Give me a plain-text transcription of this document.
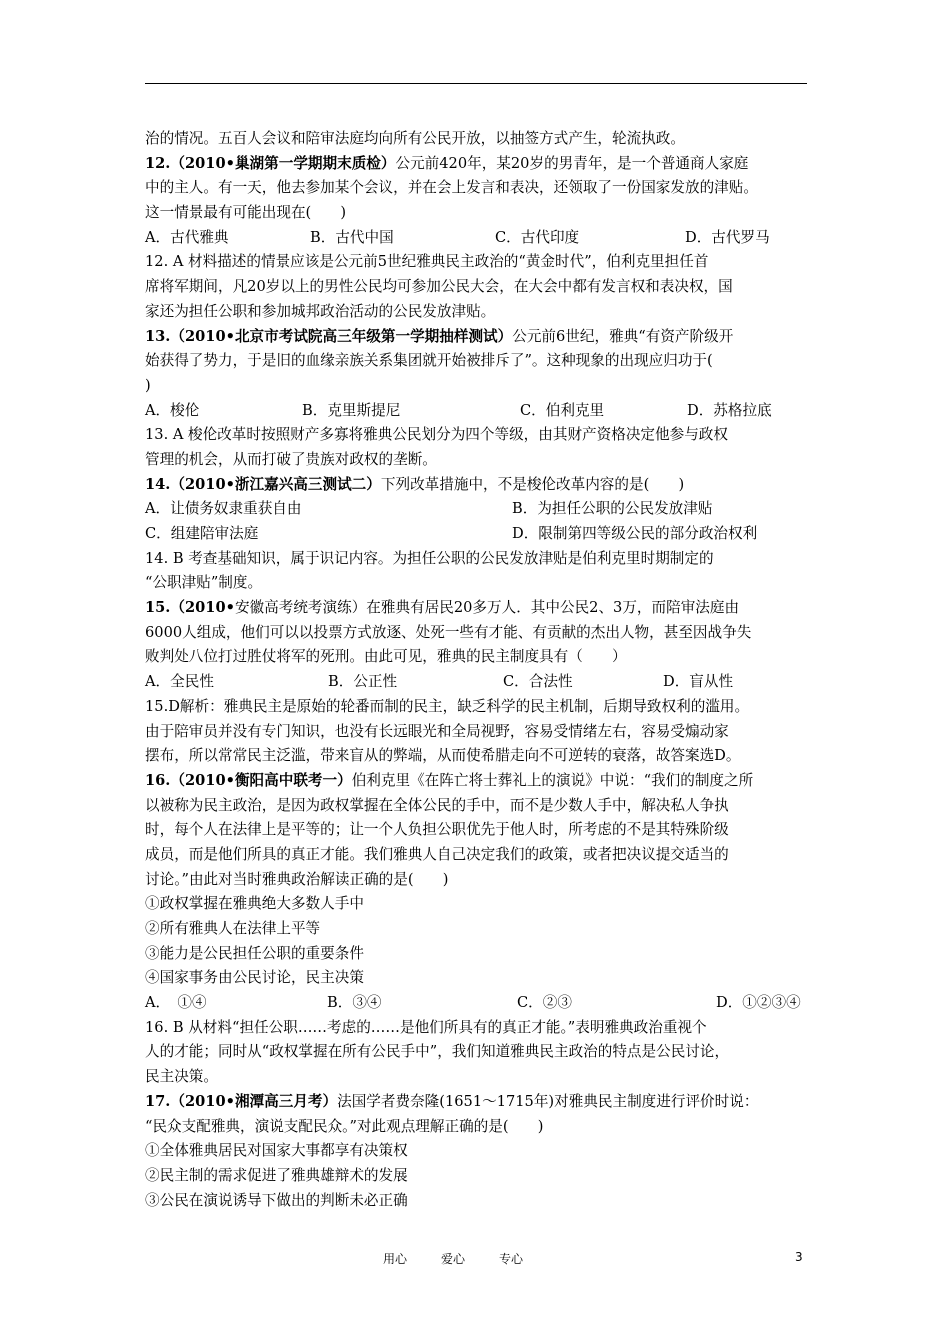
治的情况。五百人会议和陪审法庭均向所有公民开放，以抽签方式产生，轮流执政。
12.（2010•巢湖第一学期期末质检）公元前420年，某20岁的男青年，是一个普通商人家庭
中的主人。有一天，他去参加某个会议，并在会上发言和表决，还领取了一份国家发放的津贴。
这一情景最有可能出现在(　　)
A．古代雅典	B．古代中国	C．古代印度	D．古代罗马
12. A 材料描述的情景应该是公元前5世纪雅典民主政治的“黄金时代”，伯利克里担任首
席将军期间，凡20岁以上的男性公民均可参加公民大会，在大会中都有发言权和表决权，国
家还为担任公职和参加城邦政治活动的公民发放津贴。
13.（2010•北京市考试院高三年级第一学期抽样测试）公元前6世纪，雅典“有资产阶级开
始获得了势力，于是旧的血缘亲族关系集团就开始被排斥了”。这种现象的出现应归功于(
)
A．梭伦	B．克里斯提尼	C．伯利克里	D．苏格拉底
13. A 梭伦改革时按照财产多寡将雅典公民划分为四个等级，由其财产资格决定他参与政权
管理的机会，从而打破了贵族对政权的垄断。
14.（2010•浙江嘉兴高三测试二）下列改革措施中，不是梭伦改革内容的是(　　)
A．让债务奴隶重获自由	B．为担任公职的公民发放津贴
C．组建陪审法庭	D．限制第四等级公民的部分政治权利
14. B 考查基础知识，属于识记内容。为担任公职的公民发放津贴是伯利克里时期制定的
“公职津贴”制度。
15.（2010•安徽高考统考演练）在雅典有居民20多万人．其中公民2、3万，而陪审法庭由
6000人组成，他们可以以投票方式放逐、处死一些有才能、有贡献的杰出人物，甚至因战争失
败判处八位打过胜仗将军的死刑。由此可见，雅典的民主制度具有（　　）
A．全民性	B．公正性	C．合法性	D．盲从性
15.D解析：雅典民主是原始的轮番而制的民主，缺乏科学的民主机制，后期导致权利的滥用。
由于陪审员并没有专门知识，也没有长远眼光和全局视野，容易受情绪左右，容易受煽动家
摆布，所以常常民主泛滥，带来盲从的弊端，从而使希腊走向不可逆转的衰落，故答案选D。
16.（2010•衡阳高中联考一）伯利克里《在阵亡将士葬礼上的演说》中说：“我们的制度之所
以被称为民主政治，是因为政权掌握在全体公民的手中，而不是少数人手中，解决私人争执
时，每个人在法律上是平等的；让一个人负担公职优先于他人时，所考虑的不是其特殊阶级
成员，而是他们所具的真正才能。我们雅典人自己决定我们的政策，或者把决议提交适当的
讨论。”由此对当时雅典政治解读正确的是(　　)
①政权掌握在雅典绝大多数人手中
②所有雅典人在法律上平等
③能力是公民担任公职的重要条件
④国家事务由公民讨论，民主决策
A．　①④	B．③④	C．②③	D．①②③④
16. B 从材料“担任公职……考虑的……是他们所具有的真正才能。”表明雅典政治重视个
人的才能；同时从“政权掌握在所有公民手中”，我们知道雅典民主政治的特点是公民讨论，
民主决策。
17.（2010•湘潭高三月考）法国学者费奈隆(1651～1715年)对雅典民主制度进行评价时说：
“民众支配雅典，演说支配民众。”对此观点理解正确的是(　　)
①全体雅典居民对国家大事都享有决策权
②民主制的需求促进了雅典雄辩术的发展
③公民在演说诱导下做出的判断未必正确
用心	爱心	专心	3
